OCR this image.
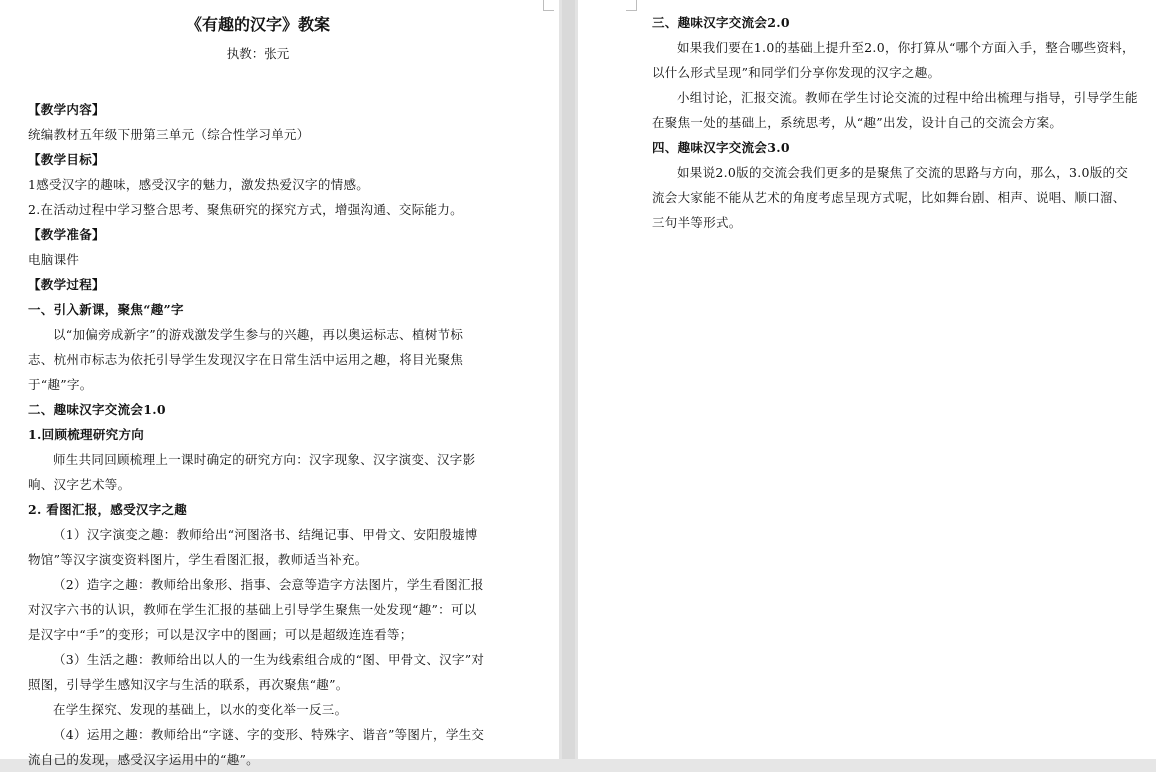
《有趣的汉字》教案
执教：张元

【教学内容】

统编教材五年级下册第三单元（综合性学习单元）

【教学目标】

1感受汉字的趣味，感受汉字的魅力，激发热爱汉字的情感。

2.在活动过程中学习整合思考、聚焦研究的探究方式，增强沟通、交际能力。

【教学准备】

电脑课件

【教学过程】

一、引入新课，聚焦“趣”字

以“加偏旁成新字”的游戏激发学生参与的兴趣，再以奥运标志、植树节标志、杭州市标志为依托引导学生发现汉字在日常生活中运用之趣，将目光聚焦于“趣”字。

二、趣味汉字交流会1.0

1.回顾梳理研究方向

师生共同回顾梳理上一课时确定的研究方向：汉字现象、汉字演变、汉字影响、汉字艺术等。

2. 看图汇报，感受汉字之趣

（1）汉字演变之趣：教师给出“河图洛书、结绳记事、甲骨文、安阳殷墟博物馆”等汉字演变资料图片，学生看图汇报，教师适当补充。

（2）造字之趣：教师给出象形、指事、会意等造字方法图片，学生看图汇报对汉字六书的认识，教师在学生汇报的基础上引导学生聚焦一处发现“趣”：可以是汉字中“手”的变形；可以是汉字中的图画；可以是超级连连看等；

（3）生活之趣：教师给出以人的一生为线索组合成的“图、甲骨文、汉字”对照图，引导学生感知汉字与生活的联系，再次聚焦“趣”。

在学生探究、发现的基础上，以水的变化举一反三。

（4）运用之趣：教师给出“字谜、字的变形、特殊字、谐音”等图片，学生交流自己的发现，感受汉字运用中的“趣”。

三、趣味汉字交流会2.0

如果我们要在1.0的基础上提升至2.0，你打算从“哪个方面入手，整合哪些资料，以什么形式呈现”和同学们分享你发现的汉字之趣。

小组讨论，汇报交流。教师在学生讨论交流的过程中给出梳理与指导，引导学生能在聚焦一处的基础上，系统思考，从“趣”出发，设计自己的交流会方案。

四、趣味汉字交流会3.0

如果说2.0版的交流会我们更多的是聚焦了交流的思路与方向，那么，3.0版的交流会大家能不能从艺术的角度考虑呈现方式呢，比如舞台剧、相声、说唱、顺口溜、三句半等形式。
